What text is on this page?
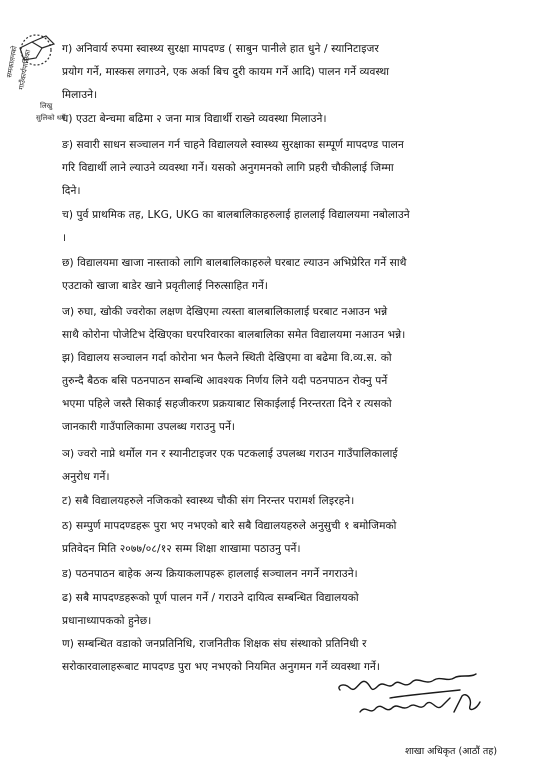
समकालनको
गाउँकार्यपालिका
लिखु
सुलिको धर्मे
ग) अनिवार्य रुपमा स्वास्थ्य सुरक्षा मापदण्ड ( साबुन पानीले हात धुने / स्यानिटाइजर
प्रयोग गर्ने, मास्कस लगाउने, एक अर्का बिच दुरी कायम गर्ने आदि) पालन गर्ने व्यवस्था
मिलाउने।
घ) एउटा बेन्चमा बढिमा २ जना मात्र विद्यार्थी राख्ने व्यवस्था मिलाउने।
ङ) सवारी साधन सञ्चालन गर्न चाहने विद्यालयले स्वास्थ्य सुरक्षाका सम्पूर्ण मापदण्ड पालन
गरि विद्यार्थी लाने ल्याउने व्यवस्था गर्ने। यसको अनुगमनको लागि प्रहरी चौकीलाई जिम्मा
दिने।
च) पुर्व प्राथमिक तह, LKG, UKG का बालबालिकाहरुलाई हाललाई विद्यालयमा नबोलाउने
।
छ) विद्यालयमा खाजा नास्ताको लागि बालबालिकाहरुले घरबाट ल्याउन अभिप्रेरित गर्ने साथै
एउटाको खाजा बाडेर खाने प्रवृतीलाई निरुत्साहित गर्ने।
ज) रुघा, खोकी ज्वरोका लक्षण देखिएमा त्यस्ता बालबालिकालाई घरबाट नआउन भन्ने
साथै कोरोना पोजेटिभ देखिएका घरपरिवारका बालबालिका समेत विद्यालयमा नआउन भन्ने।
झ) विद्यालय सञ्चालन गर्दा कोरोना भन फैलने स्थिती देखिएमा वा बढेमा वि.व्य.स. को
तुरुन्दै बैठक बसि पठनपाठन सम्बन्धि आवश्यक निर्णय लिने यदी पठनपाठन रोक्नु पर्ने
भएमा पहिले जस्तै सिकाई सहजीकरण प्रक्रयाबाट सिकाईलाई निरन्तरता दिने र त्यसको
जानकारी गाउँपालिकामा उपलब्ध गराउनु पर्ने।
ञ) ज्वरो नाप्ने थर्मोल गन र स्यानीटाइजर एक पटकलाई उपलब्ध गराउन गाउँपालिकालाई
अनुरोध गर्ने।
ट) सबै विद्यालयहरुले नजिकको स्वास्थ्य चौकी संग निरन्तर परामर्श लिइरहने।
ठ) सम्पुर्ण मापदण्डहरू पुरा भए नभएको बारे सबै विद्यालयहरुले अनुसुची १ बमोजिमको
प्रतिवेदन मिति २०७७/०८/१२ सम्म शिक्षा शाखामा पठाउनु पर्ने।
ड) पठनपाठन बाहेक अन्य क्रियाकलापहरू हाललाई सञ्चालन नगर्ने नगराउने।
ढ) सबै मापदण्डहरूको पूर्ण पालन गर्ने / गराउने दायित्व सम्बन्धित विद्यालयको
प्रधानाध्यापकको हुनेछ।
ण) सम्बन्धित वडाको जनप्रतिनिधि, राजनितीक शिक्षक संघ संस्थाको प्रतिनिधी र
सरोकारवालाहरूबाट मापदण्ड पुरा भए नभएको नियमित अनुगमन गर्ने व्यवस्था गर्ने।
शाखा अधिकृत (आठौं तह)
